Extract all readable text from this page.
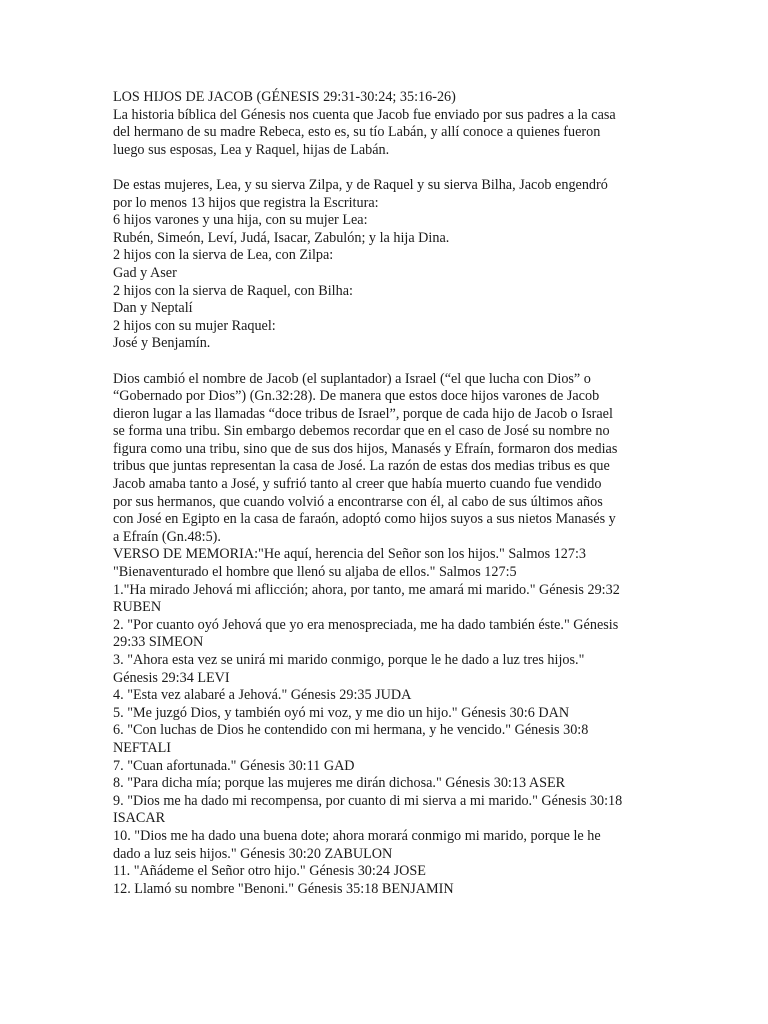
LOS HIJOS DE JACOB (GÉNESIS 29:31-30:24; 35:16-26)
La historia bíblica del Génesis nos cuenta que Jacob fue enviado por sus padres a la casa
del hermano de su madre Rebeca, esto es, su tío Labán, y allí conoce a quienes fueron
luego sus esposas, Lea y Raquel, hijas de Labán.
De estas mujeres, Lea, y su sierva Zilpa, y de Raquel y su sierva Bilha, Jacob engendró
por lo menos 13 hijos que registra la Escritura:
6 hijos varones y una hija, con su mujer Lea:
Rubén, Simeón, Leví, Judá, Isacar, Zabulón; y la hija Dina.
2 hijos con la sierva de Lea, con Zilpa:
Gad y Aser
2 hijos con la sierva de Raquel, con Bilha:
Dan y Neptalí
2 hijos con su mujer Raquel:
José y Benjamín.
Dios cambió el nombre de Jacob (el suplantador) a Israel (“el que lucha con Dios” o
“Gobernado por Dios”) (Gn.32:28). De manera que estos doce hijos varones de Jacob
dieron lugar a las llamadas “doce tribus de Israel”, porque de cada hijo de Jacob o Israel
se forma una tribu. Sin embargo debemos recordar que en el caso de José su nombre no
figura como una tribu, sino que de sus dos hijos, Manasés y Efraín, formaron dos medias
tribus que juntas representan la casa de José. La razón de estas dos medias tribus es que
Jacob amaba tanto a José, y sufrió tanto al creer que había muerto cuando fue vendido
por sus hermanos, que cuando volvió a encontrarse con él, al cabo de sus últimos años
con José en Egipto en la casa de faraón, adoptó como hijos suyos a sus nietos Manasés y
a Efraín (Gn.48:5).
VERSO DE MEMORIA:"He aquí, herencia del Señor son los hijos." Salmos 127:3
"Bienaventurado el hombre que llenó su aljaba de ellos." Salmos 127:5
1."Ha mirado Jehová mi aflicción; ahora, por tanto, me amará mi marido." Génesis 29:32
RUBEN
2. "Por cuanto oyó Jehová que yo era menospreciada, me ha dado también éste." Génesis
29:33 SIMEON
3. "Ahora esta vez se unirá mi marido conmigo, porque le he dado a luz tres hijos."
Génesis 29:34 LEVI
4. "Esta vez alabaré a Jehová." Génesis 29:35 JUDA
5. "Me juzgó Dios, y también oyó mi voz, y me dio un hijo." Génesis 30:6 DAN
6. "Con luchas de Dios he contendido con mi hermana, y he vencido." Génesis 30:8
NEFTALI
7. "Cuan afortunada." Génesis 30:11 GAD
8. "Para dicha mía; porque las mujeres me dirán dichosa." Génesis 30:13 ASER
9. "Dios me ha dado mi recompensa, por cuanto di mi sierva a mi marido." Génesis 30:18
ISACAR
10. "Dios me ha dado una buena dote; ahora morará conmigo mi marido, porque le he
dado a luz seis hijos." Génesis 30:20 ZABULON
11. "Añádeme el Señor otro hijo." Génesis 30:24 JOSE
12. Llamó su nombre "Benoni." Génesis 35:18 BENJAMIN
